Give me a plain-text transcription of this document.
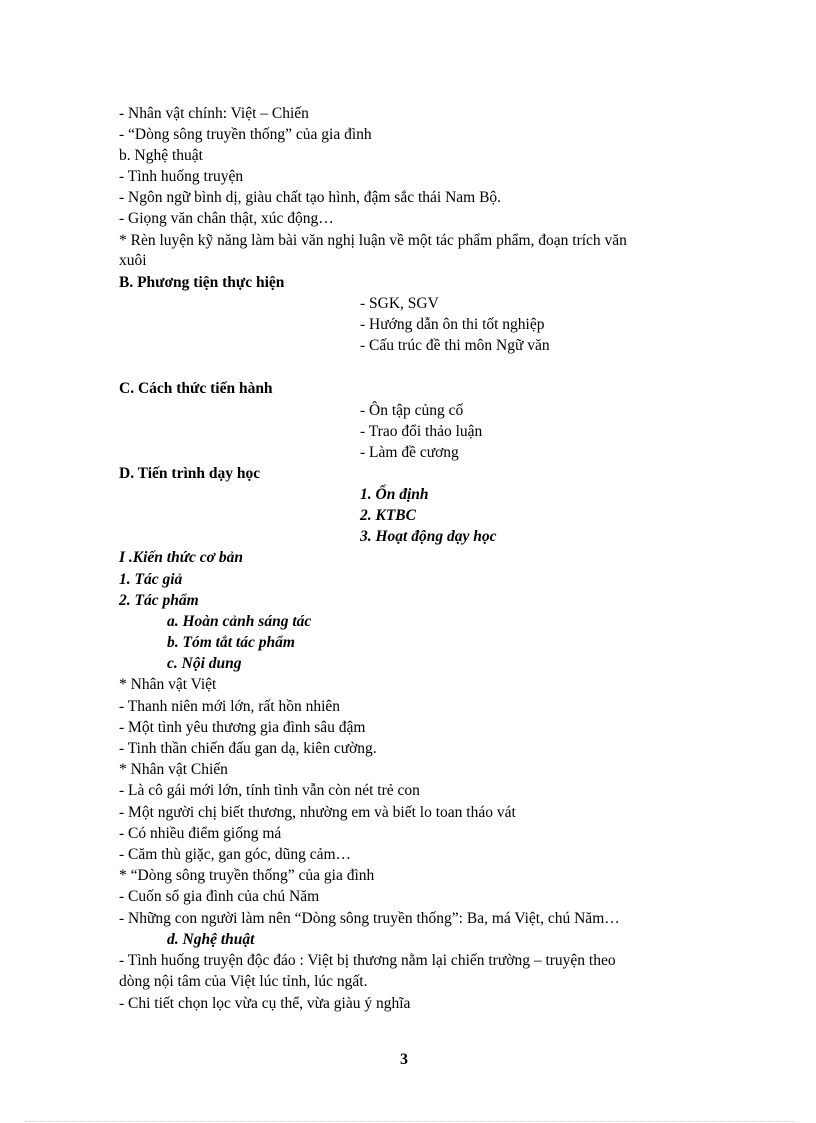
- Nhân vật chính: Việt – Chiến
- “Dòng sông truyền thống” của gia đình
b. Nghệ thuật
- Tình huống truyện
- Ngôn ngữ bình dị, giàu chất tạo hình, đậm sắc thái Nam Bộ.
- Giọng văn chân thật, xúc động…
* Rèn luyện kỹ năng làm bài văn nghị luận về một tác phẩm phẩm, đoạn trích văn
xuôi
B. Phương tiện thực hiện
- SGK, SGV
- Hướng dẫn ôn thi tốt nghiệp
- Cấu trúc đề thi môn Ngữ văn
C. Cách thức tiến hành
- Ôn tập củng cố
- Trao đổi thảo luận
- Làm đề cương
D. Tiến trình dạy học
1. Ổn định
2. KTBC
3. Hoạt động dạy học
I .Kiến thức cơ bản
1. Tác giả
2. Tác phẩm
a. Hoàn cảnh sáng tác
b. Tóm tắt tác phẩm
c. Nội dung
* Nhân vật Việt
- Thanh niên mới lớn, rất hồn nhiên
- Một tình yêu thương gia đình sâu đậm
- Tinh thần chiến đấu gan dạ, kiên cường.
* Nhân vật Chiến
- Là cô gái mới lớn, tính tình vẫn còn nét trẻ con
- Một người chị biết thương, nhường em và biết lo toan tháo vát
- Có nhiều điểm giống má
- Căm thù giặc, gan góc, dũng cảm…
* “Dòng sông truyền thống” của gia đình
- Cuốn sổ gia đình của chú Năm
- Những con người làm nên “Dòng sông truyền thống”: Ba, má Việt, chú Năm…
d. Nghệ thuật
- Tình huống truyện độc đáo : Việt bị thương nằm lại chiến trường – truyện theo
dòng nội tâm của Việt lúc tỉnh, lúc ngất.
- Chi tiết chọn lọc vừa cụ thể, vừa giàu ý nghĩa
3
